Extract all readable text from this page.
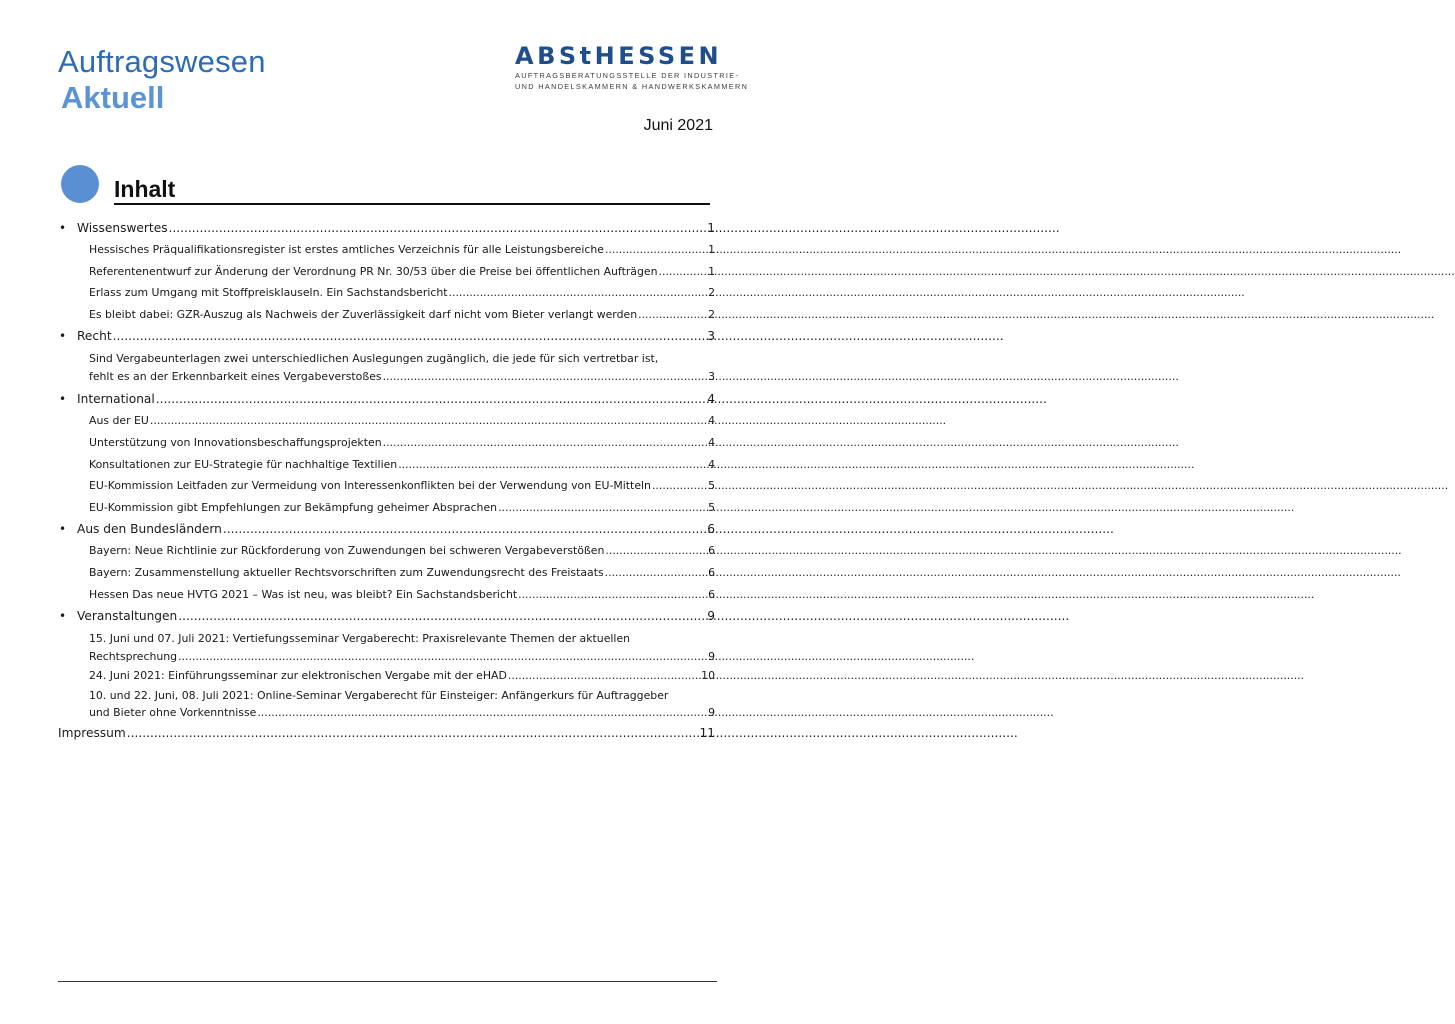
Auftragswesen
Aktuell
ABStHESSEN
AUFTRAGSBERATUNGSSTELLE DER INDUSTRIE-
UND HANDELSKAMMERN & HANDWERKSKAMMERN
Juni 2021
Inhalt
• Wissenswertes .....	1
Hessisches Präqualifikationsregister ist erstes amtliches Verzeichnis für alle Leistungsbereiche .....	1
Referentenentwurf zur Änderung der Verordnung PR Nr. 30/53 über die Preise bei öffentlichen Aufträgen .....	1
Erlass zum Umgang mit Stoffpreisklauseln. Ein Sachstandsbericht .....	2
Es bleibt dabei: GZR-Auszug als Nachweis der Zuverlässigkeit darf nicht vom Bieter verlangt werden .....	2
• Recht .....	3
Sind Vergabeunterlagen zwei unterschiedlichen Auslegungen zugänglich, die jede für sich vertretbar ist,
fehlt es an der Erkennbarkeit eines Vergabeverstoßes .....	3
• International .....	4
Aus der EU .....	4
Unterstützung von Innovationsbeschaffungsprojekten .....	4
Konsultationen zur EU-Strategie für nachhaltige Textilien .....	4
EU-Kommission Leitfaden zur Vermeidung von Interessenkonflikten bei der Verwendung von EU-Mitteln .....	5
EU-Kommission gibt Empfehlungen zur Bekämpfung geheimer Absprachen .....	5
• Aus den Bundesländern .....	6
Bayern: Neue Richtlinie zur Rückforderung von Zuwendungen bei schweren Vergabeverstößen .....	6
Bayern: Zusammenstellung aktueller Rechtsvorschriften zum Zuwendungsrecht des Freistaats .....	6
Hessen Das neue HVTG 2021 – Was ist neu, was bleibt? Ein Sachstandsbericht .....	6
• Veranstaltungen .....	9
15. Juni und 07. Juli 2021: Vertiefungsseminar Vergaberecht: Praxisrelevante Themen der aktuellen
Rechtsprechung .....	9
24. Juni 2021: Einführungsseminar zur elektronischen Vergabe mit der eHAD .....	10
10. und 22. Juni, 08. Juli 2021: Online-Seminar Vergaberecht für Einsteiger: Anfängerkurs für Auftraggeber
und Bieter ohne Vorkenntnisse .....	9
Impressum .....	11
